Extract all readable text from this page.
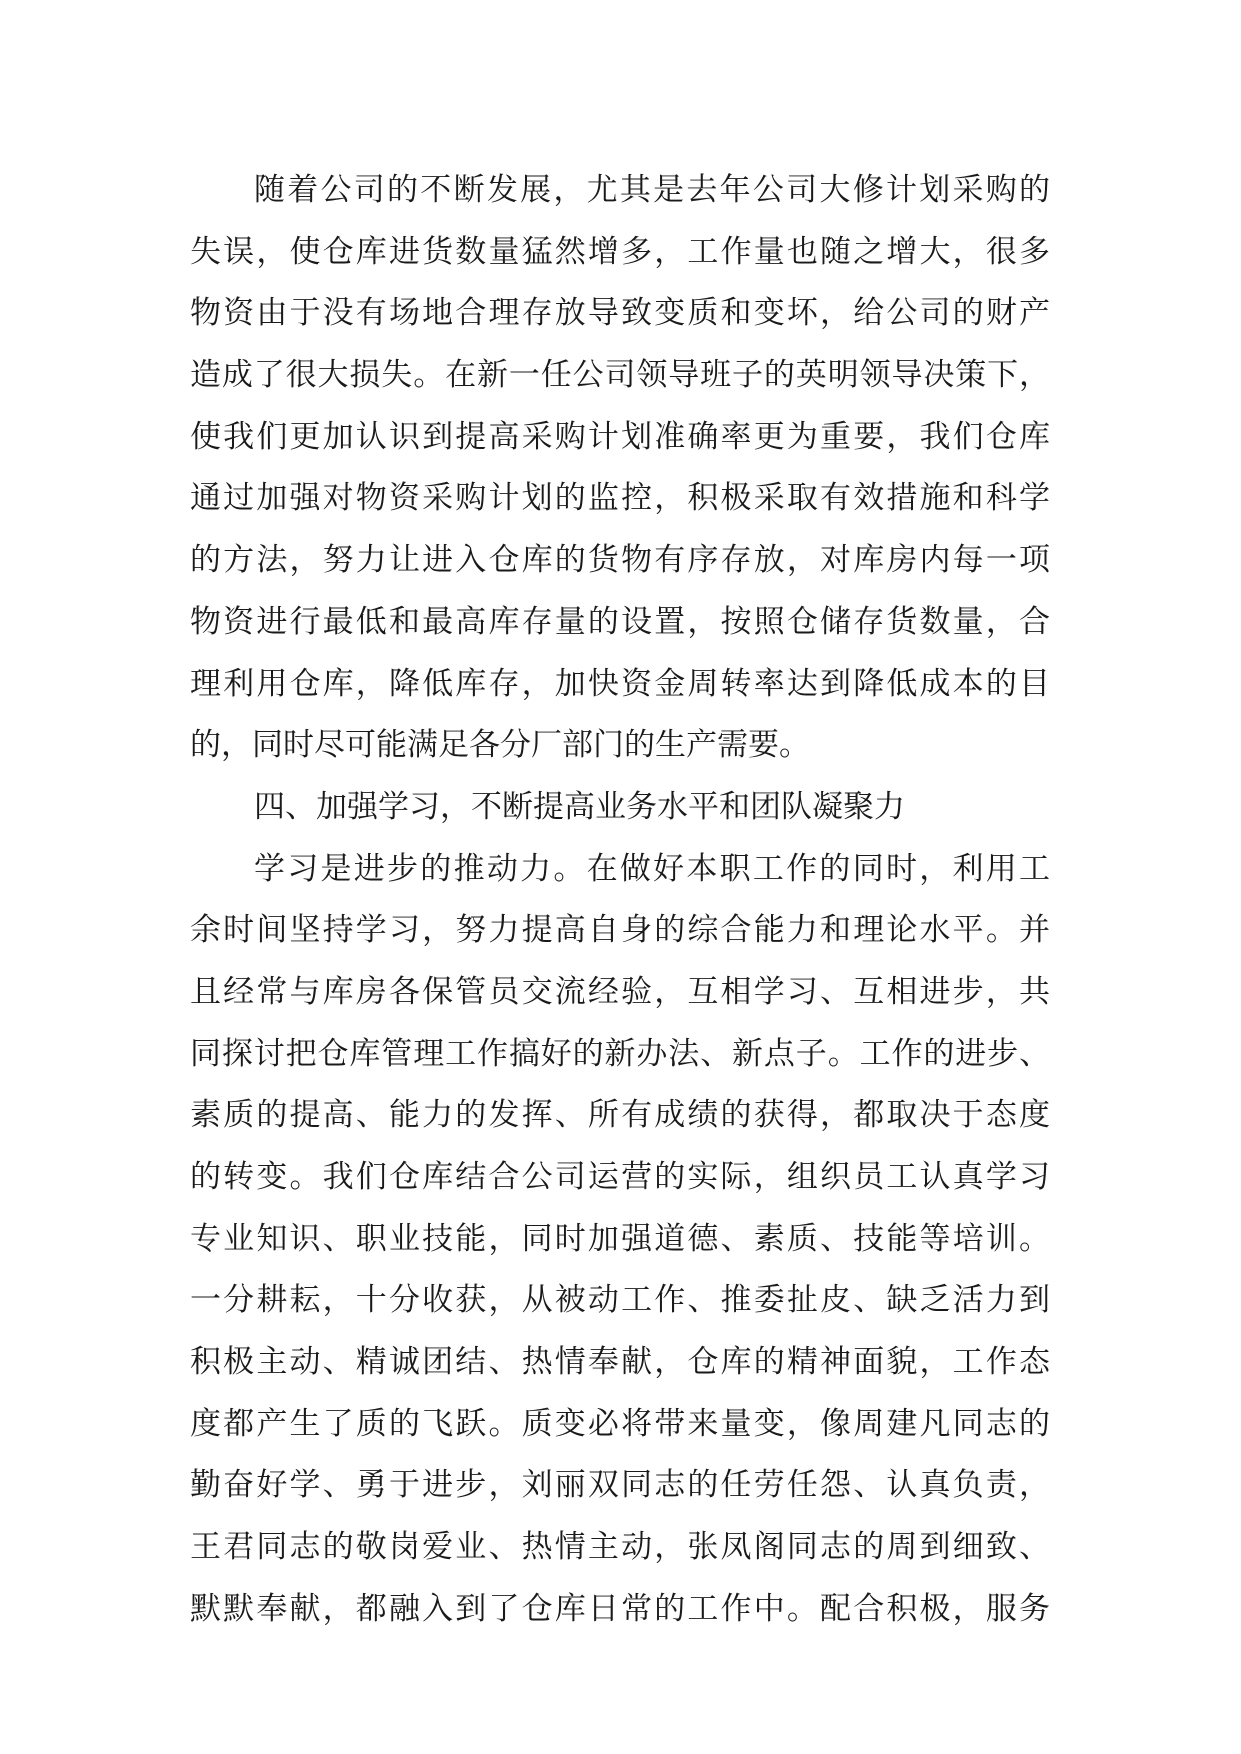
随着公司的不断发展，尤其是去年公司大修计划采购的
失误，使仓库进货数量猛然增多，工作量也随之增大，很多
物资由于没有场地合理存放导致变质和变坏，给公司的财产
造成了很大损失。在新一任公司领导班子的英明领导决策下，
使我们更加认识到提高采购计划准确率更为重要，我们仓库
通过加强对物资采购计划的监控，积极采取有效措施和科学
的方法，努力让进入仓库的货物有序存放，对库房内每一项
物资进行最低和最高库存量的设置，按照仓储存货数量，合
理利用仓库，降低库存，加快资金周转率达到降低成本的目
的，同时尽可能满足各分厂部门的生产需要。
四、加强学习，不断提高业务水平和团队凝聚力
学习是进步的推动力。在做好本职工作的同时，利用工
余时间坚持学习，努力提高自身的综合能力和理论水平。并
且经常与库房各保管员交流经验，互相学习、互相进步，共
同探讨把仓库管理工作搞好的新办法、新点子。工作的进步、
素质的提高、能力的发挥、所有成绩的获得，都取决于态度
的转变。我们仓库结合公司运营的实际，组织员工认真学习
专业知识、职业技能，同时加强道德、素质、技能等培训。
一分耕耘，十分收获，从被动工作、推委扯皮、缺乏活力到
积极主动、精诚团结、热情奉献，仓库的精神面貌，工作态
度都产生了质的飞跃。质变必将带来量变，像周建凡同志的
勤奋好学、勇于进步，刘丽双同志的任劳任怨、认真负责，
王君同志的敬岗爱业、热情主动，张凤阁同志的周到细致、
默默奉献，都融入到了仓库日常的工作中。配合积极，服务
